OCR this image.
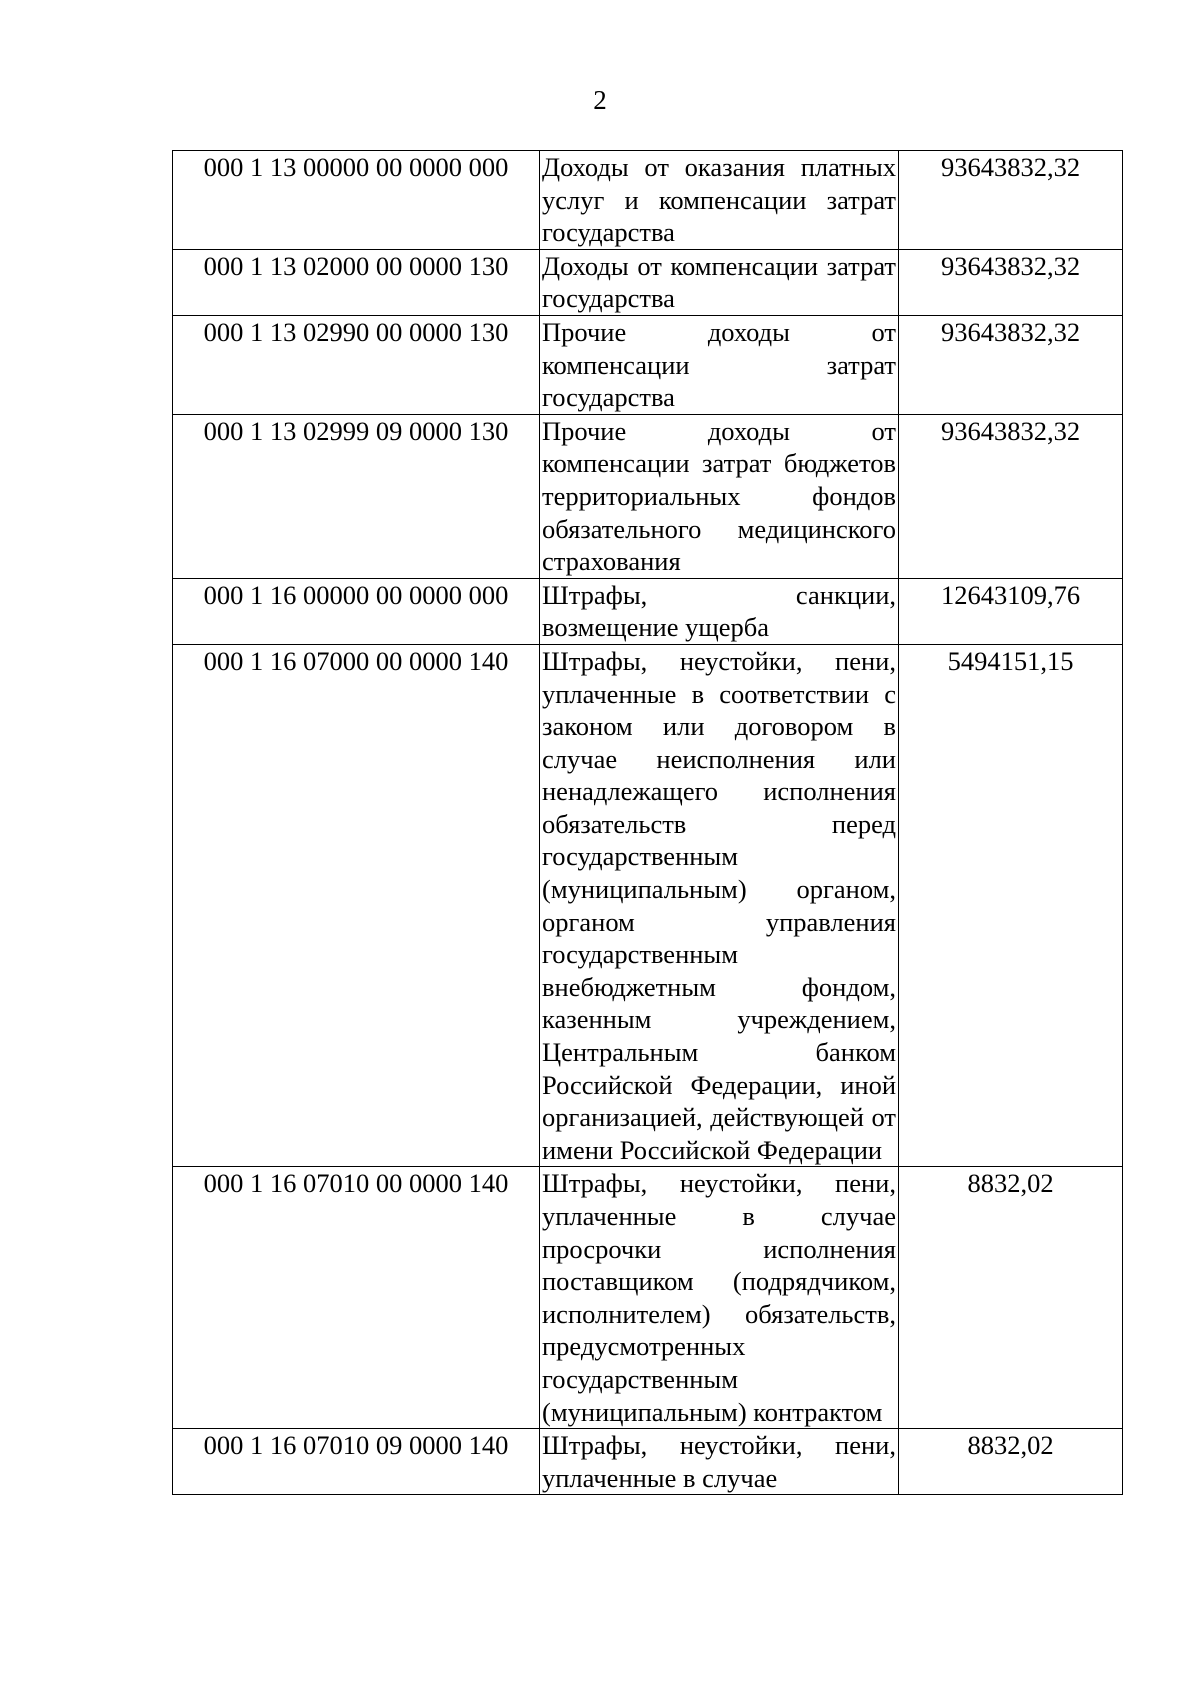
2
000 1 13 00000 00 0000 000	Доходы от оказания платных услуг и компенсации затрат государства	93643832,32
000 1 13 02000 00 0000 130	Доходы от компенсации затрат государства	93643832,32
000 1 13 02990 00 0000 130	Прочие доходы от компенсации затрат государства	93643832,32
000 1 13 02999 09 0000 130	Прочие доходы от компенсации затрат бюджетов территориальных фондов обязательного медицинского страхования	93643832,32
000 1 16 00000 00 0000 000	Штрафы, санкции, возмещение ущерба	12643109,76
000 1 16 07000 00 0000 140	Штрафы, неустойки, пени, уплаченные в соответствии с законом или договором в случае неисполнения или ненадлежащего исполнения обязательств перед государственным (муниципальным) органом, органом управления государственным внебюджетным фондом, казенным учреждением, Центральным банком Российской Федерации, иной организацией, действующей от имени Российской Федерации	5494151,15
000 1 16 07010 00 0000 140	Штрафы, неустойки, пени, уплаченные в случае просрочки исполнения поставщиком (подрядчиком, исполнителем) обязательств, предусмотренных государственным (муниципальным) контрактом	8832,02
000 1 16 07010 09 0000 140	Штрафы, неустойки, пени, уплаченные в случае	8832,02
